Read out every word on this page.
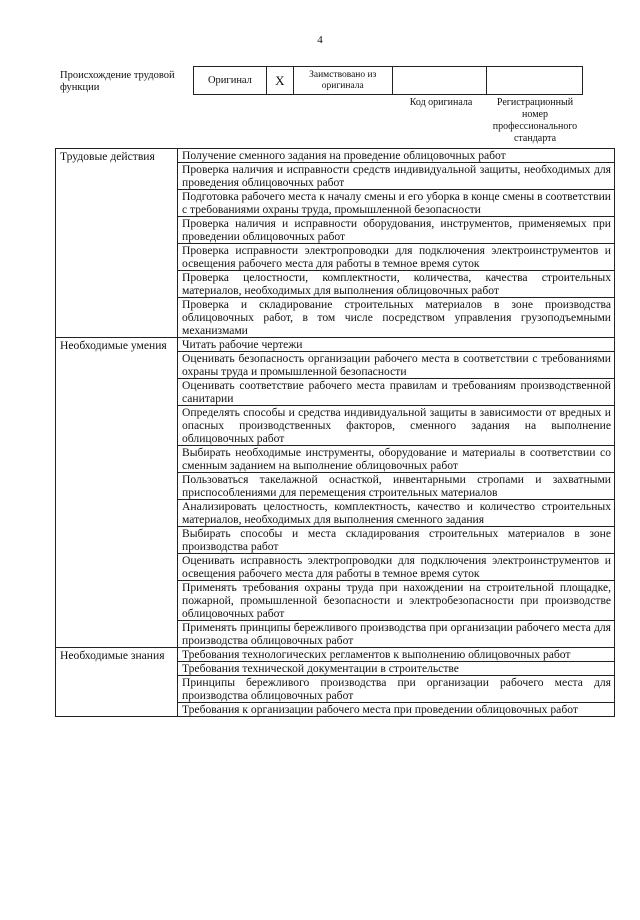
4
Происхождение трудовой функции
Оригинал	X	Заимствовано из оригинала		
Код оригинала	Регистрационный номер профессионального стандарта
Трудовые действия	Получение сменного задания на проведение облицовочных работ
	Проверка наличия и исправности средств индивидуальной защиты, необходимых для проведения облицовочных работ
	Подготовка рабочего места к началу смены и его уборка в конце смены в соответствии с требованиями охраны труда, промышленной безопасности
	Проверка наличия и исправности оборудования, инструментов, применяемых при проведении облицовочных работ
	Проверка исправности электропроводки для подключения электроинструментов и освещения рабочего места для работы в темное время суток
	Проверка целостности, комплектности, количества, качества строительных материалов, необходимых для выполнения облицовочных работ
	Проверка и складирование строительных материалов в зоне производства облицовочных работ, в том числе посредством управления грузоподъемными механизмами
Необходимые умения	Читать рабочие чертежи
	Оценивать безопасность организации рабочего места в соответствии с требованиями охраны труда и промышленной безопасности
	Оценивать соответствие рабочего места правилам и требованиям производственной санитарии
	Определять способы и средства индивидуальной защиты в зависимости от вредных и опасных производственных факторов, сменного задания на выполнение облицовочных работ
	Выбирать необходимые инструменты, оборудование и материалы в соответствии со сменным заданием на выполнение облицовочных работ
	Пользоваться такелажной оснасткой, инвентарными стропами и захватными приспособлениями для перемещения строительных материалов
	Анализировать целостность, комплектность, качество и количество строительных материалов, необходимых для выполнения сменного задания
	Выбирать способы и места складирования строительных материалов в зоне производства работ
	Оценивать исправность электропроводки для подключения электроинструментов и освещения рабочего места для работы в темное время суток
	Применять требования охраны труда при нахождении на строительной площадке, пожарной, промышленной безопасности и электробезопасности при производстве облицовочных работ
	Применять принципы бережливого производства при организации рабочего места для производства облицовочных работ
Необходимые знания	Требования технологических регламентов к выполнению облицовочных работ
	Требования технической документации в строительстве
	Принципы бережливого производства при организации рабочего места для производства облицовочных работ
	Требования к организации рабочего места при проведении облицовочных работ
